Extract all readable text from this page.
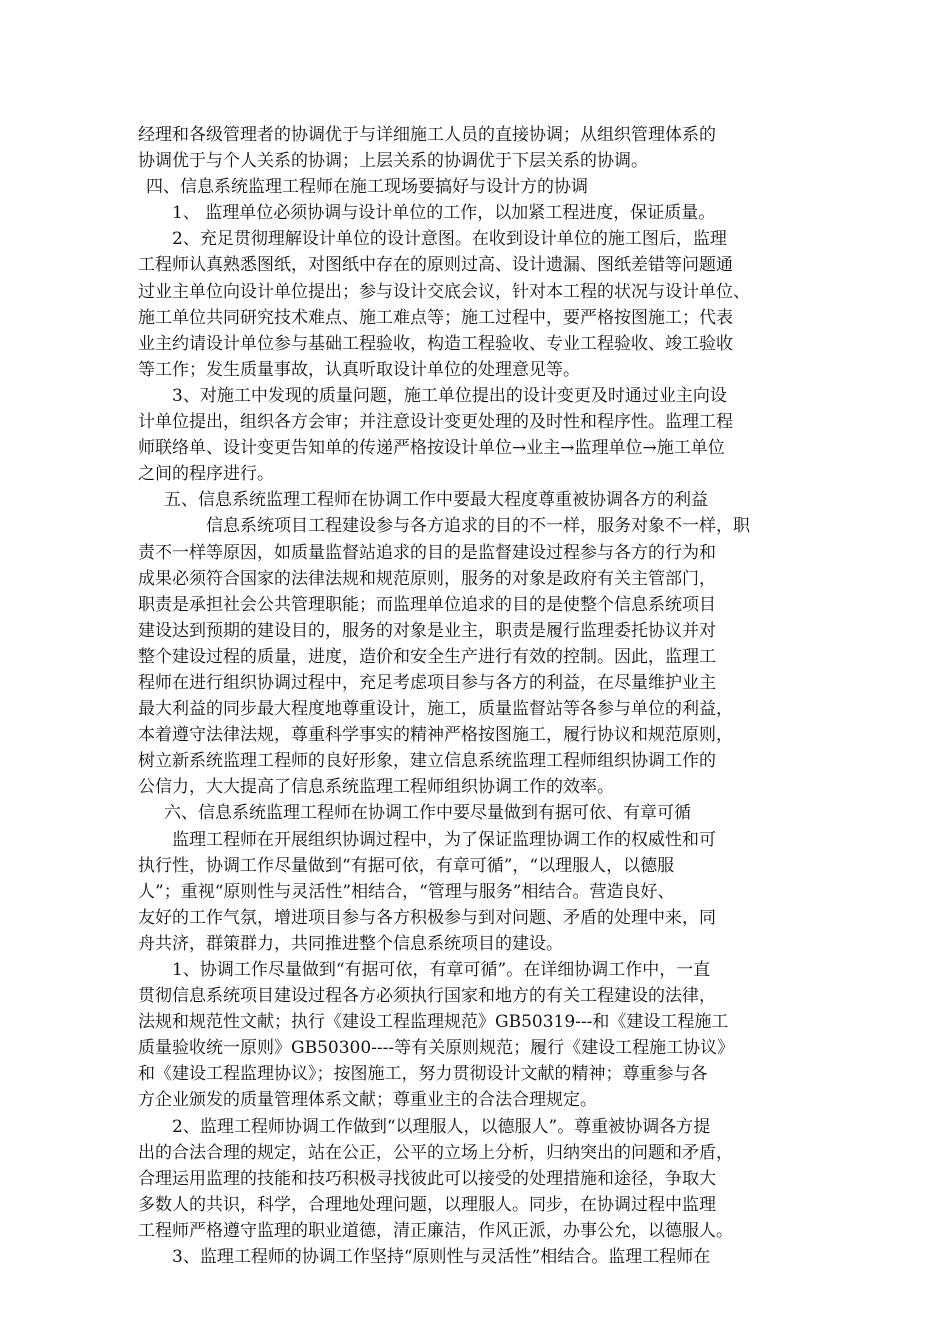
经理和各级管理者的协调优于与详细施工人员的直接协调；从组织管理体系的
协调优于与个人关系的协调；上层关系的协调优于下层关系的协调。
四、信息系统监理工程师在施工现场要搞好与设计方的协调
1、 监理单位必须协调与设计单位的工作，以加紧工程进度，保证质量。
2、充足贯彻理解设计单位的设计意图。在收到设计单位的施工图后，监理
工程师认真熟悉图纸，对图纸中存在的原则过高、设计遗漏、图纸差错等问题通
过业主单位向设计单位提出；参与设计交底会议，针对本工程的状况与设计单位、
施工单位共同研究技术难点、施工难点等；施工过程中，要严格按图施工；代表
业主约请设计单位参与基础工程验收，构造工程验收、专业工程验收、竣工验收
等工作；发生质量事故，认真听取设计单位的处理意见等。
3、对施工中发现的质量问题，施工单位提出的设计变更及时通过业主向设
计单位提出，组织各方会审；并注意设计变更处理的及时性和程序性。监理工程
师联络单、设计变更告知单的传递严格按设计单位→业主→监理单位→施工单位
之间的程序进行。
五、信息系统监理工程师在协调工作中要最大程度尊重被协调各方的利益
信息系统项目工程建设参与各方追求的目的不一样，服务对象不一样，职
责不一样等原因，如质量监督站追求的目的是监督建设过程参与各方的行为和
成果必须符合国家的法律法规和规范原则，服务的对象是政府有关主管部门，
职责是承担社会公共管理职能；而监理单位追求的目的是使整个信息系统项目
建设达到预期的建设目的，服务的对象是业主，职责是履行监理委托协议并对
整个建设过程的质量，进度，造价和安全生产进行有效的控制。因此，监理工
程师在进行组织协调过程中，充足考虑项目参与各方的利益，在尽量维护业主
最大利益的同步最大程度地尊重设计，施工，质量监督站等各参与单位的利益，
本着遵守法律法规，尊重科学事实的精神严格按图施工，履行协议和规范原则，
树立新系统监理工程师的良好形象，建立信息系统监理工程师组织协调工作的
公信力，大大提高了信息系统监理工程师组织协调工作的效率。
六、信息系统监理工程师在协调工作中要尽量做到有据可依、有章可循
监理工程师在开展组织协调过程中，为了保证监理协调工作的权威性和可
执行性，协调工作尽量做到“有据可依，有章可循”，“以理服人，以德服
人”；重视“原则性与灵活性”相结合，“管理与服务”相结合。营造良好、
友好的工作气氛，增进项目参与各方积极参与到对问题、矛盾的处理中来，同
舟共济，群策群力，共同推进整个信息系统项目的建设。
1、协调工作尽量做到“有据可依，有章可循”。在详细协调工作中，一直
贯彻信息系统项目建设过程各方必须执行国家和地方的有关工程建设的法律，
法规和规范性文献；执行《建设工程监理规范》GB50319---和《建设工程施工
质量验收统一原则》GB50300----等有关原则规范；履行《建设工程施工协议》
和《建设工程监理协议》；按图施工，努力贯彻设计文献的精神；尊重参与各
方企业颁发的质量管理体系文献；尊重业主的合法合理规定。
2、监理工程师协调工作做到“以理服人，以德服人”。尊重被协调各方提
出的合法合理的规定，站在公正，公平的立场上分析，归纳突出的问题和矛盾，
合理运用监理的技能和技巧积极寻找彼此可以接受的处理措施和途径，争取大
多数人的共识，科学，合理地处理问题，以理服人。同步，在协调过程中监理
工程师严格遵守监理的职业道德，清正廉洁，作风正派，办事公允，以德服人。
3、监理工程师的协调工作坚持“原则性与灵活性”相结合。监理工程师在
